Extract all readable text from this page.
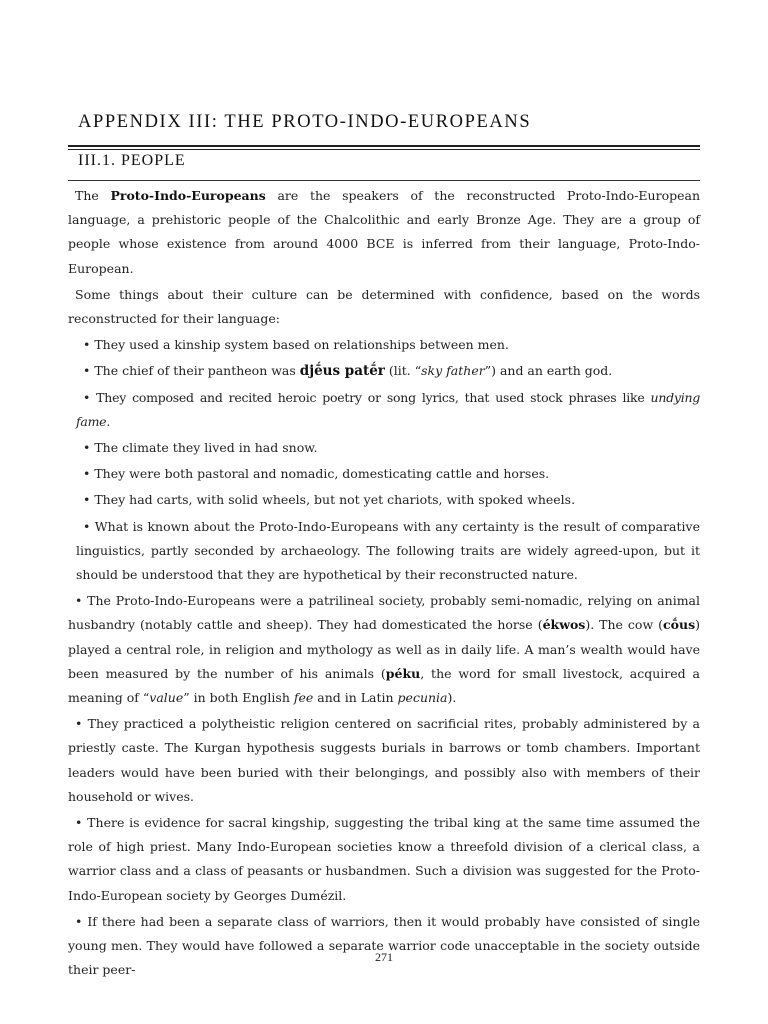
APPENDIX III: THE PROTO-INDO-EUROPEANS
III.1. PEOPLE

The Proto-Indo-Europeans are the speakers of the reconstructed Proto-Indo-European language, a prehistoric people of the Chalcolithic and early Bronze Age. They are a group of people whose existence from around 4000 BCE is inferred from their language, Proto-Indo-European.

Some things about their culture can be determined with confidence, based on the words reconstructed for their language:

• They used a kinship system based on relationships between men.

• The chief of their pantheon was djḗus patḗr (lit. “sky father”) and an earth god.

• They composed and recited heroic poetry or song lyrics, that used stock phrases like undying fame.

• The climate they lived in had snow.

• They were both pastoral and nomadic, domesticating cattle and horses.

• They had carts, with solid wheels, but not yet chariots, with spoked wheels.

• What is known about the Proto-Indo-Europeans with any certainty is the result of comparative linguistics, partly seconded by archaeology. The following traits are widely agreed-upon, but it should be understood that they are hypothetical by their reconstructed nature.

• The Proto-Indo-Europeans were a patrilineal society, probably semi-nomadic, relying on animal husbandry (notably cattle and sheep). They had domesticated the horse (ékwos). The cow (cṓus) played a central role, in religion and mythology as well as in daily life. A man’s wealth would have been measured by the number of his animals (péku, the word for small livestock, acquired a meaning of “value” in both English fee and in Latin pecunia).

• They practiced a polytheistic religion centered on sacrificial rites, probably administered by a priestly caste. The Kurgan hypothesis suggests burials in barrows or tomb chambers. Important leaders would have been buried with their belongings, and possibly also with members of their household or wives.

• There is evidence for sacral kingship, suggesting the tribal king at the same time assumed the role of high priest. Many Indo-European societies know a threefold division of a clerical class, a warrior class and a class of peasants or husbandmen. Such a division was suggested for the Proto-Indo-European society by Georges Dumézil.

• If there had been a separate class of warriors, then it would probably have consisted of single young men. They would have followed a separate warrior code unacceptable in the society outside their peer-

271
